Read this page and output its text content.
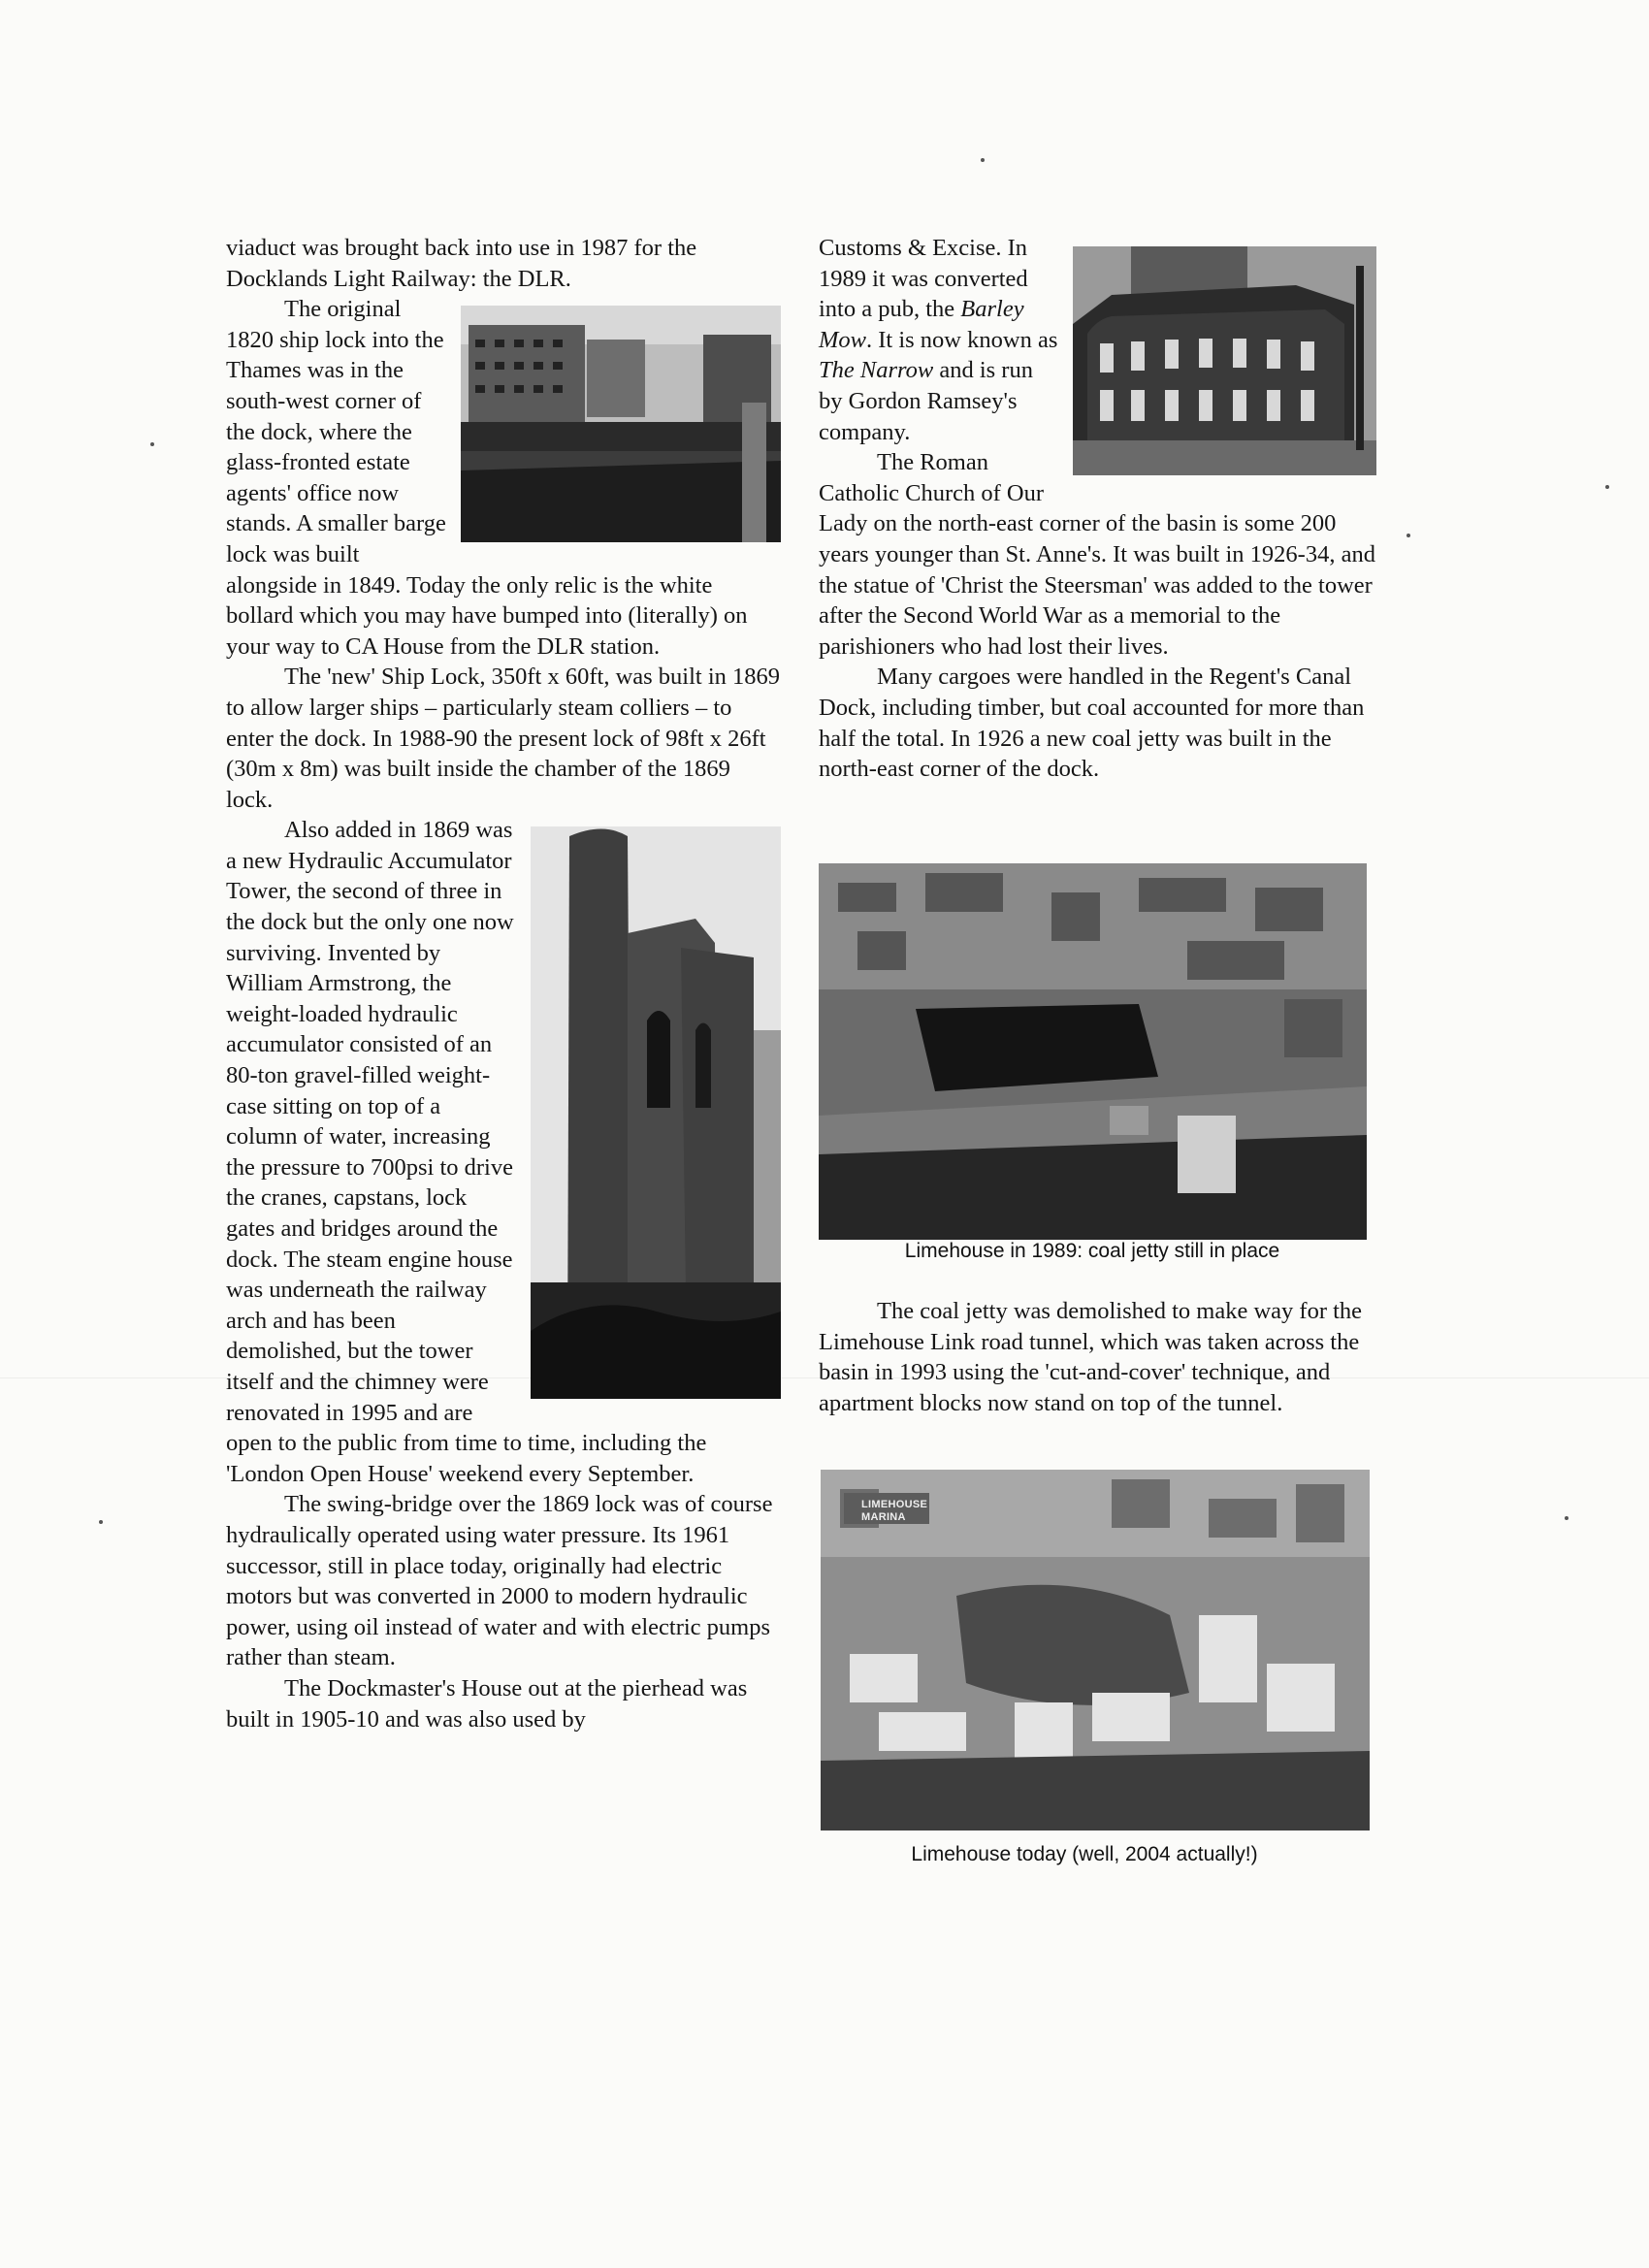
viaduct was brought back into use in 1987 for the Docklands Light Railway: the DLR.

The original 1820 ship lock into the Thames was in the south-west corner of the dock, where the glass-fronted estate agents' office now stands. A smaller barge lock was built alongside in 1849. Today the only relic is the white bollard which you may have bumped into (literally) on your way to CA House from the DLR station.

The 'new' Ship Lock, 350ft x 60ft, was built in 1869 to allow larger ships – particularly steam colliers – to enter the dock. In 1988-90 the present lock of 98ft x 26ft (30m x 8m) was built inside the chamber of the 1869 lock.

Also added in 1869 was a new Hydraulic Accumulator Tower, the second of three in the dock but the only one now surviving. Invented by William Armstrong, the weight-loaded hydraulic accumulator consisted of an 80-ton gravel-filled weight-case sitting on top of a column of water, increasing the pressure to 700psi to drive the cranes, capstans, lock gates and bridges around the dock. The steam engine house was underneath the railway arch and has been demolished, but the tower itself and the chimney were renovated in 1995 and are open to the public from time to time, including the 'London Open House' weekend every September.

The swing-bridge over the 1869 lock was of course hydraulically operated using water pressure. Its 1961 successor, still in place today, originally had electric motors but was converted in 2000 to modern hydraulic power, using oil instead of water and with electric pumps rather than steam.

The Dockmaster's House out at the pierhead was built in 1905-10 and was also used by

Customs & Excise. In 1989 it was converted into a pub, the Barley Mow. It is now known as The Narrow and is run by Gordon Ramsey's company.

The Roman Catholic Church of Our Lady on the north-east corner of the basin is some 200 years younger than St. Anne's. It was built in 1926-34, and the statue of 'Christ the Steersman' was added to the tower after the Second World War as a memorial to the parishioners who had lost their lives.

Many cargoes were handled in the Regent's Canal Dock, including timber, but coal accounted for more than half the total. In 1926 a new coal jetty was built in the north-east corner of the dock.

Limehouse in 1989: coal jetty still in place

The coal jetty was demolished to make way for the Limehouse Link road tunnel, which was taken across the basin in 1993 using the 'cut-and-cover' technique, and apartment blocks now stand on top of the tunnel.

LIMEHOUSE
MARINA
Limehouse today (well, 2004 actually!)
